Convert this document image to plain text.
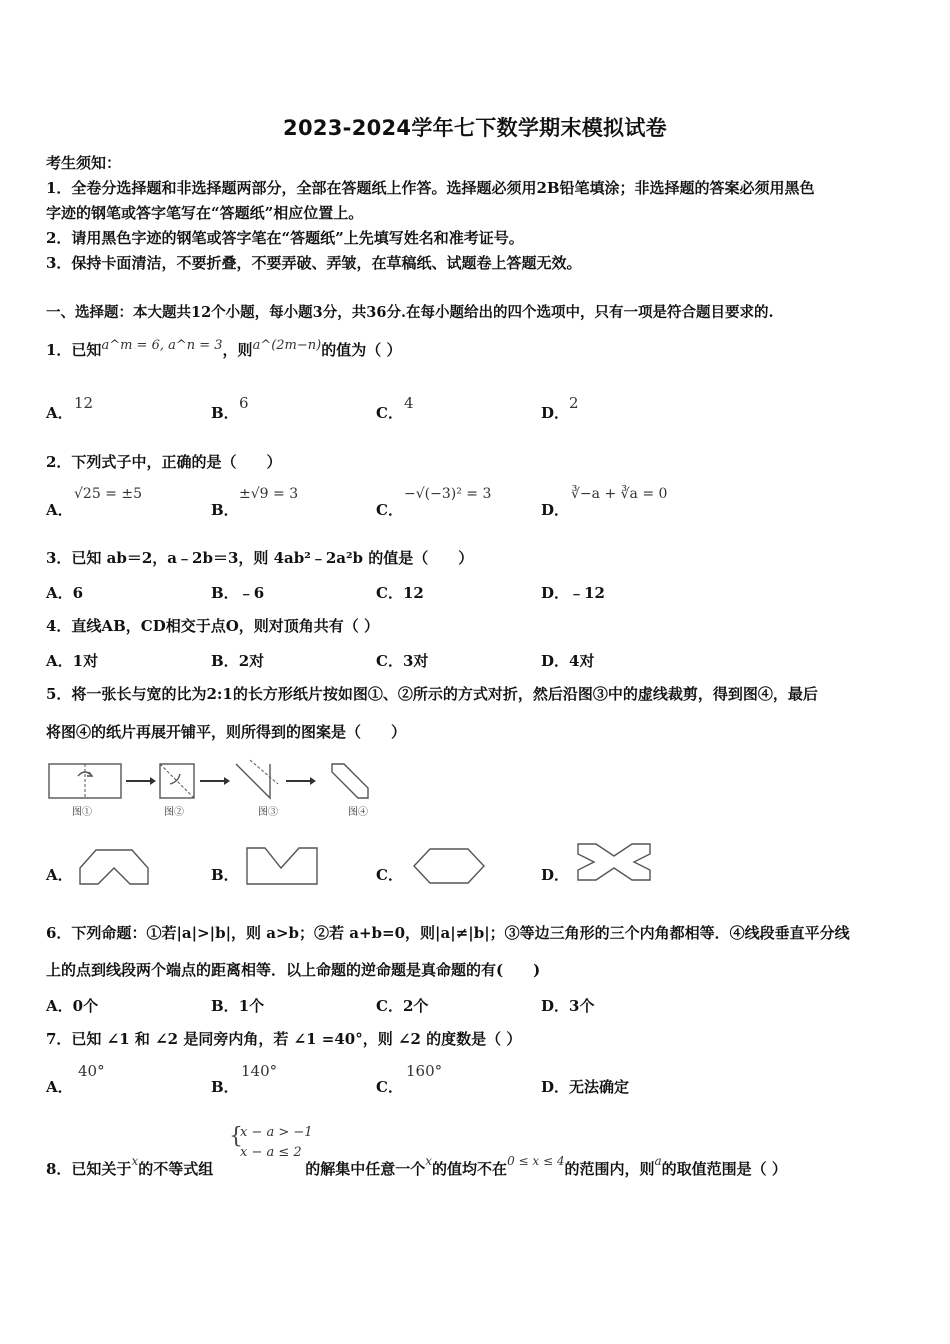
2023-2024学年七下数学期末模拟试卷
考生须知：
1．全卷分选择题和非选择题两部分，全部在答题纸上作答。选择题必须用2B铅笔填涂；非选择题的答案必须用黑色
字迹的钢笔或答字笔写在“答题纸”相应位置上。
2．请用黑色字迹的钢笔或答字笔在“答题纸”上先填写姓名和准考证号。
3．保持卡面清洁，不要折叠，不要弄破、弄皱，在草稿纸、试题卷上答题无效。
一、选择题：本大题共12个小题，每小题3分，共36分.在每小题给出的四个选项中，只有一项是符合题目要求的.
1．已知a^m = 6, a^n = 3，则a^(2m−n)的值为（ ）
A．
12
B．
6
C．
4
D．
2
2．下列式子中，正确的是（　　）
A．
√25 = ±5
B．
±√9 = 3
C．
−√(−3)² = 3
D．
∛−a + ∛a = 0
3．已知 ab＝2，a﹣2b＝3，则 4ab²﹣2a²b 的值是（　　）
A．6	B．﹣6	C．12	D．﹣12
4．直线AB，CD相交于点O，则对顶角共有（ ）
A．1对	B．2对	C．3对	D．4对
5．将一张长与宽的比为2:1的长方形纸片按如图①、②所示的方式对折，然后沿图③中的虚线裁剪，得到图④，最后
将图④的纸片再展开铺平，则所得到的图案是（　　）
图①	图②	图③	图④
A．	B．	C．	D．
6．下列命题：①若|a|>|b|，则 a>b；②若 a+b=0，则|a|≠|b|；③等边三角形的三个内角都相等．④线段垂直平分线
上的点到线段两个端点的距离相等．以上命题的逆命题是真命题的有(　　)
A．0个	B．1个	C．2个	D．3个
7．已知 ∠1 和 ∠2 是同旁内角，若 ∠1 =40°，则 ∠2 的度数是（ ）
A．
40°
B．
140°
C．
160°
D．无法确定
8．已知关于$^x$的不等式组	的解集中任意一个$^x$的值均不在$^{0 \le x \le 4}$的范围内，则$^a$的取值范围是（ ）
{
x − a > −1
x − a ≤ 2
